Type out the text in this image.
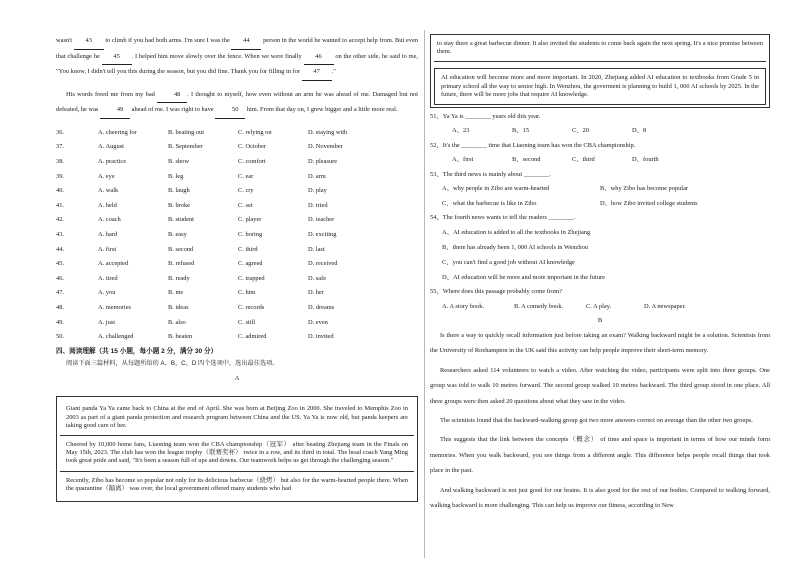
wasn't 43 to climb if you had both arms. I'm sure I was the 44 person in the world he wanted to accept help from. But even that challenge he 45 . I helped him move slowly over the fence. When we were finally 46 on the other side, he said to me, "You know, I didn't tell you this during the season, but you did fine. Thank you for filling in for 47 ."

His words freed me from my bad	48 . I thought to myself, how even without an arm he was ahead of me. Damaged but not defeated, he was	49 ahead of me. I was right to have	50 him. From that day on, I grew bigger and a little more real.

36.	A. cheering for	B. beating out	C. relying on	D. staying with
37.	A. August	B. September	C. October	D. November
38.	A. practice	B. show	C. comfort	D. pleasure
39.	A. eye	B. leg	C. ear	D. arm
40.	A. walk	B. laugh	C. cry	D. play
41.	A. held	B. broke	C. set	D. tried
42.	A. coach	B. student	C. player	D. teacher
43.	A. hard	B. easy	C. boring	D. exciting
44.	A. first	B. second	C. third	D. last
45.	A. accepted	B. refused	C. agreed	D. received
46.	A. tired	B. ready	C. trapped	D. safe
47.	A. you	B. me	C. him	D. her
48.	A. memories	B. ideas	C. records	D. dreams
49.	A. just	B. also	C. still	D. even
50.	A. challenged	B. beaten	C. admired	D. invited
四、阅读理解（共 15 小题，每小题 2 分，满分 30 分）
阅读下面三篇材料，从每题所给的 A、B、C、D 四个选项中，选出最佳选项。
A

Giant panda Ya Ya came back to China at the end of April. She was born at Beijing Zoo in 2000. She traveled to Memphis Zoo in 2003 as part of a giant panda protection and research program between China and the US. Ya Ya is now old, but panda keepers are taking good care of her.

Cheered by 10,000 home fans, Liaoning team won the CBA championship（冠军） after beating Zhejiang team in the Finals on May 15th, 2023. The club has won the league trophy（联赛奖杯） twice in a row, and its third in total. The head coach Yang Ming took great pride and said, "It's been a season full of ups and downs. Our teamwork helps us get through the challenging season."

Recently, Zibo has become so popular not only for its delicious barbecue（烧烤） but also for the warm-hearted people there. When the quarantine（隔离） was over, the local government offered many students who had

to stay there a great barbecue dinner. It also invited the students to come back again the next spring. It's a nice promise between them.

AI education will become more and more important. In 2020, Zhejiang added AI education to textbooks from Grade 5 in primary school all the way to senior high. In Wenzhou, the goverment is planning to build 1, 000 AI schools by 2025. In the future, there will be more jobs that require AI knowledge.

51、Ya Ya is ________ years old this year.
A、23	B、15	C、20	D、8
52、It's the ________ time that Liaoning team has won the CBA championship.
A、first	B、second	C、third	D、fourth
53、The third news is mainly about ________.
A、why people in Zibo are warm-hearted	B、why Zibo has become popular
C、what the barbecue is like in Zibo	D、how Zibo invited college students
54、The fourth news wants to tell the readers ________.
A、AI education is added to all the textbooks in Zhejiang
B、there has already been 1, 000 AI schools in Wenzhou
C、you can't find a good job without AI knowledge
D、AI education will be more and more important in the future
55、Where does this passage probably come from?
A. A story book.	B. A comedy book.	C. A play.	D. A newspaper.
B

Is there a way to quickly recall information just before taking an exam? Walking backward might be a solution. Scientists from the University of Roehampton in the UK said this activity can help people improve their short-term memory.

Researchers asked 114 volunteers to watch a video. After watching the video, participants were split into three groups. One group was told to walk 10 metres forward. The second group walked 10 metres backward. The third group stood in one place. All three groups were then asked 20 questions about what they saw in the video.

The scientists found that the backward-walking group got two more answers correct on average than the other two groups.

This suggests that the link between the concepts（概念） of time and space is important in terms of how our minds form memories. When you walk backward, you see things from a different angle. This difference helps people recall things that took place in the past.

And walking backward is not just good for our brains. It is also good for the rest of our bodies. Compared to walking forward, walking backward is more challenging. This can help us improve our fitness, according to New
